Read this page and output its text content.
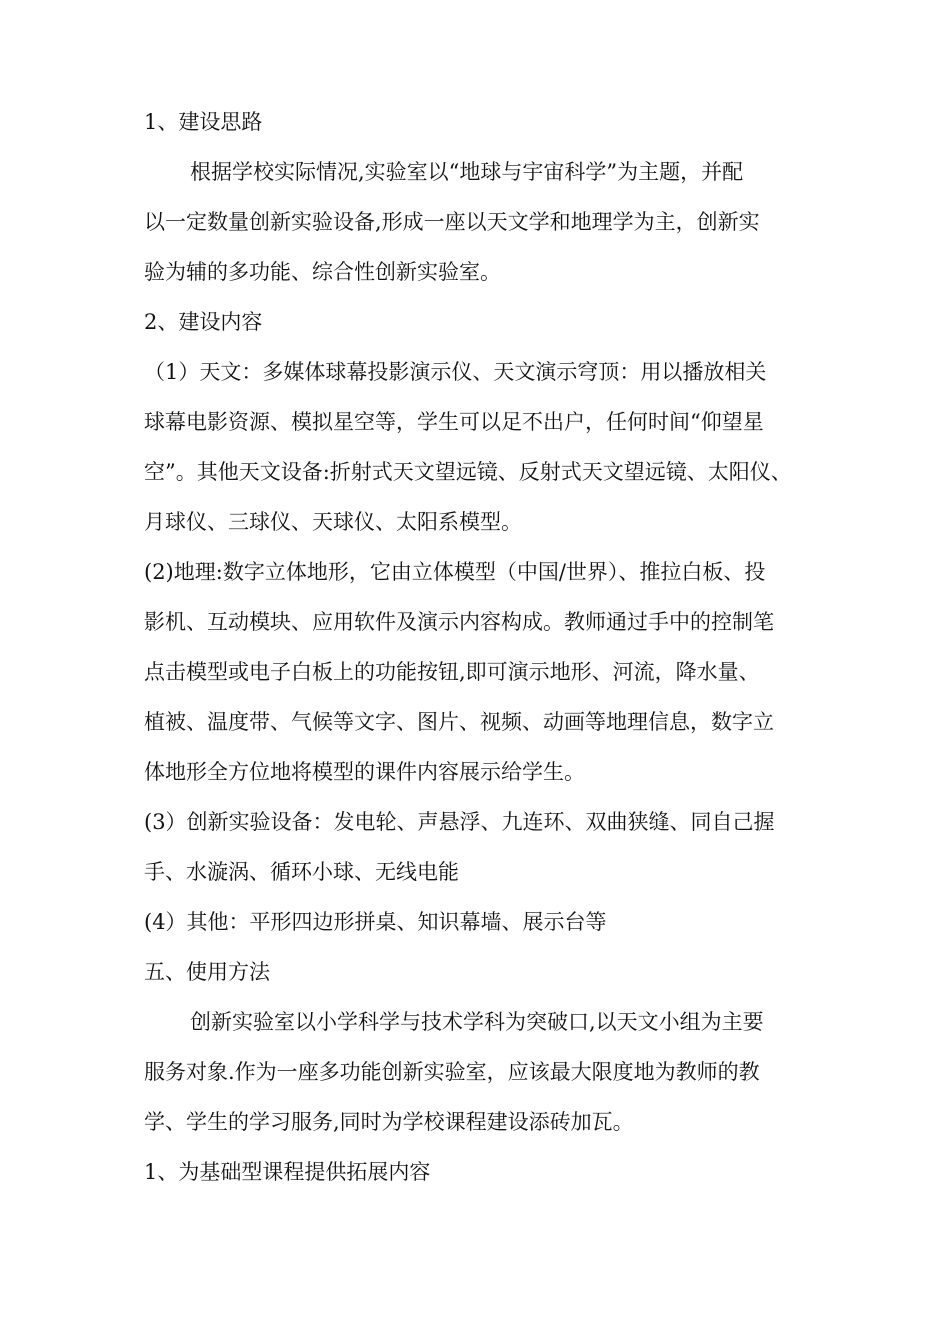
1、建设思路
根据学校实际情况,实验室以“地球与宇宙科学”为主题，并配
以一定数量创新实验设备,形成一座以天文学和地理学为主，创新实
验为辅的多功能、综合性创新实验室。
2、建设内容
（1）天文：多媒体球幕投影演示仪、天文演示穹顶：用以播放相关
球幕电影资源、模拟星空等，学生可以足不出户，任何时间“仰望星
空”。其他天文设备:折射式天文望远镜、反射式天文望远镜、太阳仪、
月球仪、三球仪、天球仪、太阳系模型。
(2)地理:数字立体地形，它由立体模型（中国/世界）、推拉白板、投
影机、互动模块、应用软件及演示内容构成。教师通过手中的控制笔
点击模型或电子白板上的功能按钮,即可演示地形、河流，降水量、
植被、温度带、气候等文字、图片、视频、动画等地理信息，数字立
体地形全方位地将模型的课件内容展示给学生。
(3）创新实验设备：发电轮、声悬浮、九连环、双曲狭缝、同自己握
手、水漩涡、循环小球、无线电能
(4）其他：平形四边形拼桌、知识幕墙、展示台等
五、使用方法
创新实验室以小学科学与技术学科为突破口,以天文小组为主要
服务对象.作为一座多功能创新实验室，应该最大限度地为教师的教
学、学生的学习服务,同时为学校课程建设添砖加瓦。
1、为基础型课程提供拓展内容
